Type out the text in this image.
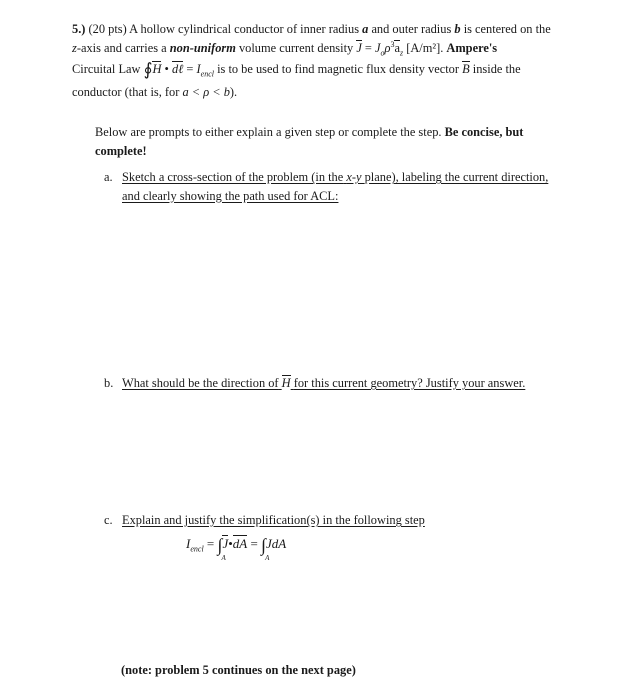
5.) (20 pts) A hollow cylindrical conductor of inner radius a and outer radius b is centered on the

z-axis and carries a non-uniform volume current density $J = J_o\rho^3a_z$ [A/m²]. Ampere's

Circuital Law ∮H • dℓ = $I_{encl}$ is to be used to find magnetic flux density vector B inside the

conductor (that is, for a < ρ < b).

Below are prompts to either explain a given step or complete the step. Be concise, but complete!

a. Sketch a cross-section of the problem (in the x-y plane), labeling the current direction,
and clearly showing the path used for ACL:
b. What should be the direction of H for this current geometry? Justify your answer.
c. Explain and justify the simplification(s) in the following step
$I_{encl}$ = ∫
A
J•dA = ∫
A
JdA
(note: problem 5 continues on the next page)
